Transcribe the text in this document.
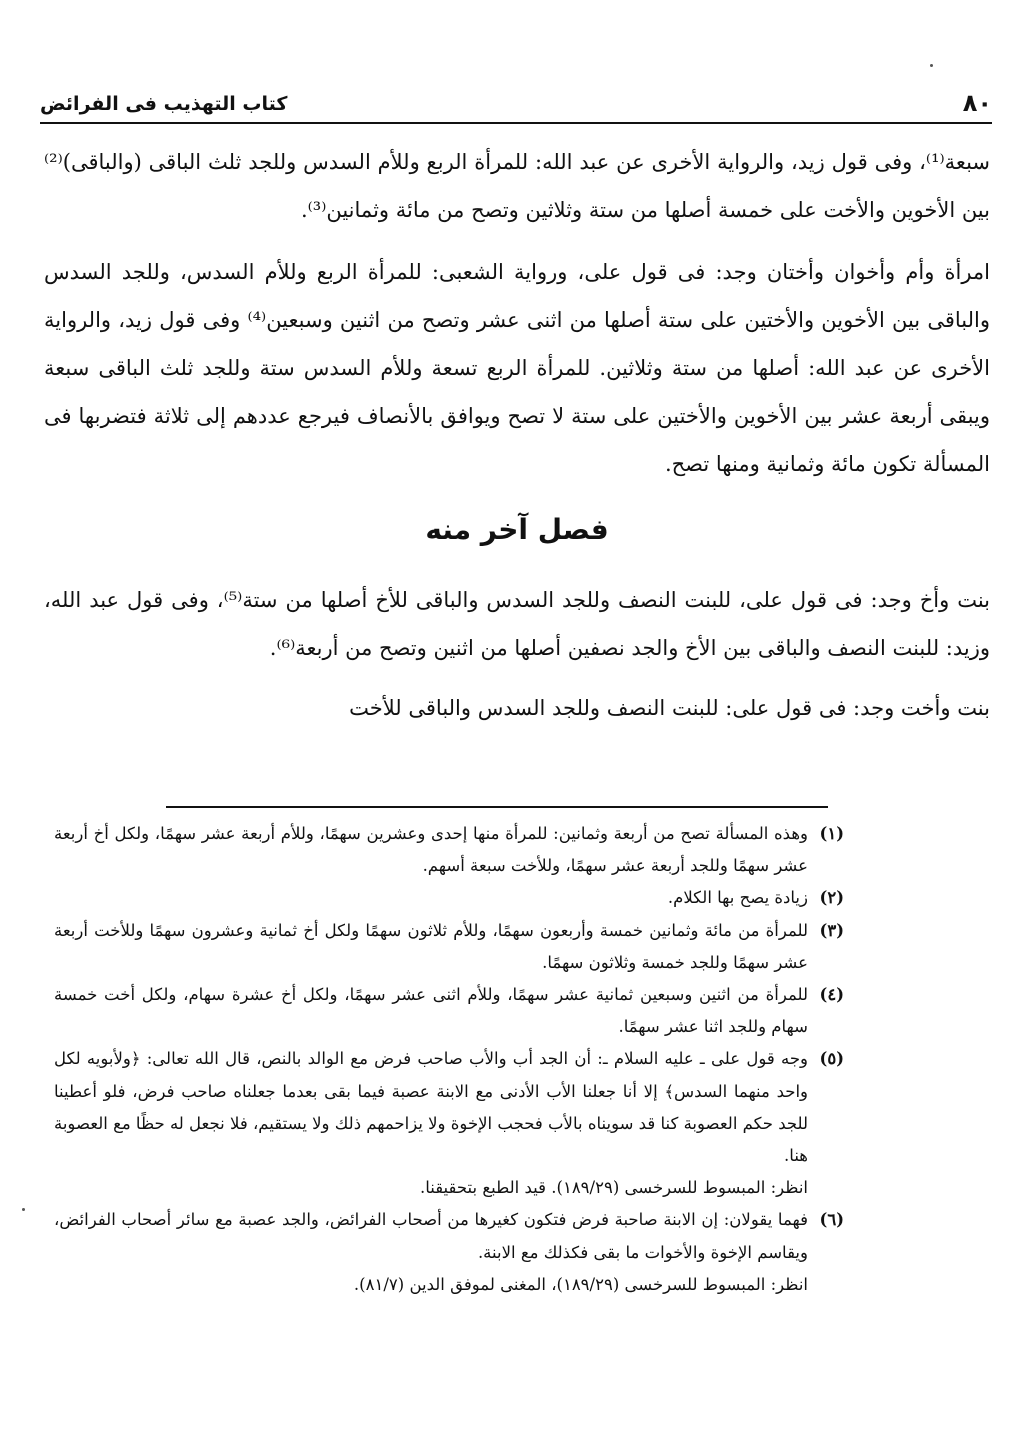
٨٠
كتاب التهذيب فى الفرائض

سبعة⁽¹⁾، وفى قول زيد، والرواية الأخرى عن عبد الله: للمرأة الربع وللأم السدس وللجد ثلث الباقى (والباقى)⁽²⁾ بين الأخوين والأخت على خمسة أصلها من ستة وثلاثين وتصح من مائة وثمانين⁽³⁾.

امرأة وأم وأخوان وأختان وجد: فى قول على، ورواية الشعبى: للمرأة الربع وللأم السدس، وللجد السدس والباقى بين الأخوين والأختين على ستة أصلها من اثنى عشر وتصح من اثنين وسبعين⁽⁴⁾ وفى قول زيد، والرواية الأخرى عن عبد الله: أصلها من ستة وثلاثين. للمرأة الربع تسعة وللأم السدس ستة وللجد ثلث الباقى سبعة ويبقى أربعة عشر بين الأخوين والأختين على ستة لا تصح ويوافق بالأنصاف فيرجع عددهم إلى ثلاثة فتضربها فى المسألة تكون مائة وثمانية ومنها تصح.

فصل آخر منه

بنت وأخ وجد: فى قول على، للبنت النصف وللجد السدس والباقى للأخ أصلها من ستة⁽⁵⁾، وفى قول عبد الله، وزيد: للبنت النصف والباقى بين الأخ والجد نصفين أصلها من اثنين وتصح من أربعة⁽⁶⁾.

بنت وأخت وجد: فى قول على: للبنت النصف وللجد السدس والباقى للأخت

(١)
وهذه المسألة تصح من أربعة وثمانين: للمرأة منها إحدى وعشرين سهمًا، وللأم أربعة عشر سهمًا، ولكل أخ أربعة عشر سهمًا وللجد أربعة عشر سهمًا، وللأخت سبعة أسهم.
(٢)
زيادة يصح بها الكلام.
(٣)
للمرأة من مائة وثمانين خمسة وأربعون سهمًا، وللأم ثلاثون سهمًا ولكل أخ ثمانية وعشرون سهمًا وللأخت أربعة عشر سهمًا وللجد خمسة وثلاثون سهمًا.
(٤)
للمرأة من اثنين وسبعين ثمانية عشر سهمًا، وللأم اثنى عشر سهمًا، ولكل أخ عشرة سهام، ولكل أخت خمسة سهام وللجد اثنا عشر سهمًا.
(٥)
وجه قول على ـ عليه السلام ـ: أن الجد أب والأب صاحب فرض مع الوالد بالنص، قال الله تعالى: ﴿ولأبويه لكل واحد منهما السدس﴾ إلا أنا جعلنا الأب الأدنى مع الابنة عصبة فيما بقى بعدما جعلناه صاحب فرض، فلو أعطينا للجد حكم العصوبة كنا قد سويناه بالأب فحجب الإخوة ولا يزاحمهم ذلك ولا يستقيم، فلا نجعل له حظًا مع العصوبة هنا.
انظر: المبسوط للسرخسى (١٨٩/٢٩). قيد الطبع بتحقيقنا.
(٦)
فهما يقولان: إن الابنة صاحبة فرض فتكون كغيرها من أصحاب الفرائض، والجد عصبة مع سائر أصحاب الفرائض، ويقاسم الإخوة والأخوات ما بقى فكذلك مع الابنة.
انظر: المبسوط للسرخسى (١٨٩/٢٩)، المغنى لموفق الدين (٨١/٧).
